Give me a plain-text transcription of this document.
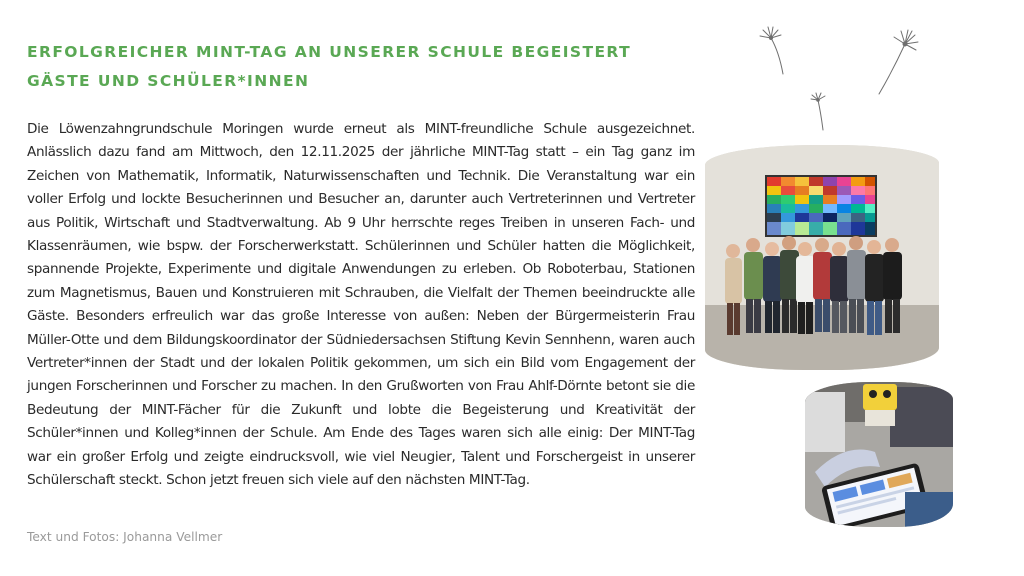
ERFOLGREICHER MINT-TAG AN UNSERER SCHULE BEGEISTERT GÄSTE UND SCHÜLER*INNEN

Die Löwenzahngrundschule Moringen wurde erneut als MINT-freundliche Schule ausgezeichnet. Anlässlich dazu fand am Mittwoch, den 12.11.2025 der jährliche MINT-Tag statt – ein Tag ganz im Zeichen von Mathematik, Informatik, Naturwissenschaften und Technik. Die Veranstaltung war ein voller Erfolg und lockte Besucherinnen und Besucher an, darunter auch Vertreterinnen und Vertreter aus Politik, Wirtschaft und Stadtverwaltung. Ab 9 Uhr herrschte reges Treiben in unseren Fach- und Klassenräumen, wie bspw. der Forscherwerkstatt. Schülerinnen und Schüler hatten die Möglichkeit, spannende Projekte, Experimente und digitale Anwendungen zu erleben. Ob Roboterbau, Stationen zum Magnetismus, Bauen und Konstruieren mit Schrauben, die Vielfalt der Themen beeindruckte alle Gäste. Besonders erfreulich war das große Interesse von außen: Neben der Bürgermeisterin Frau Müller-Otte und dem Bildungskoordinator der Südniedersachsen Stiftung Kevin Sennhenn, waren auch Vertreter*innen der Stadt und der lokalen Politik gekommen, um sich ein Bild vom Engagement der jungen Forscherinnen und Forscher zu machen. In den Grußworten von Frau Ahlf-Dörnte betont sie die Bedeutung der MINT-Fächer für die Zukunft und lobte die Begeisterung und Kreativität der Schüler*innen und Kolleg*innen der Schule. Am Ende des Tages waren sich alle einig: Der MINT-Tag war ein großer Erfolg und zeigte eindrucksvoll, wie viel Neugier, Talent und Forschergeist in unserer Schülerschaft steckt. Schon jetzt freuen sich viele auf den nächsten MINT-Tag.

Text und Fotos: Johanna Vellmer
